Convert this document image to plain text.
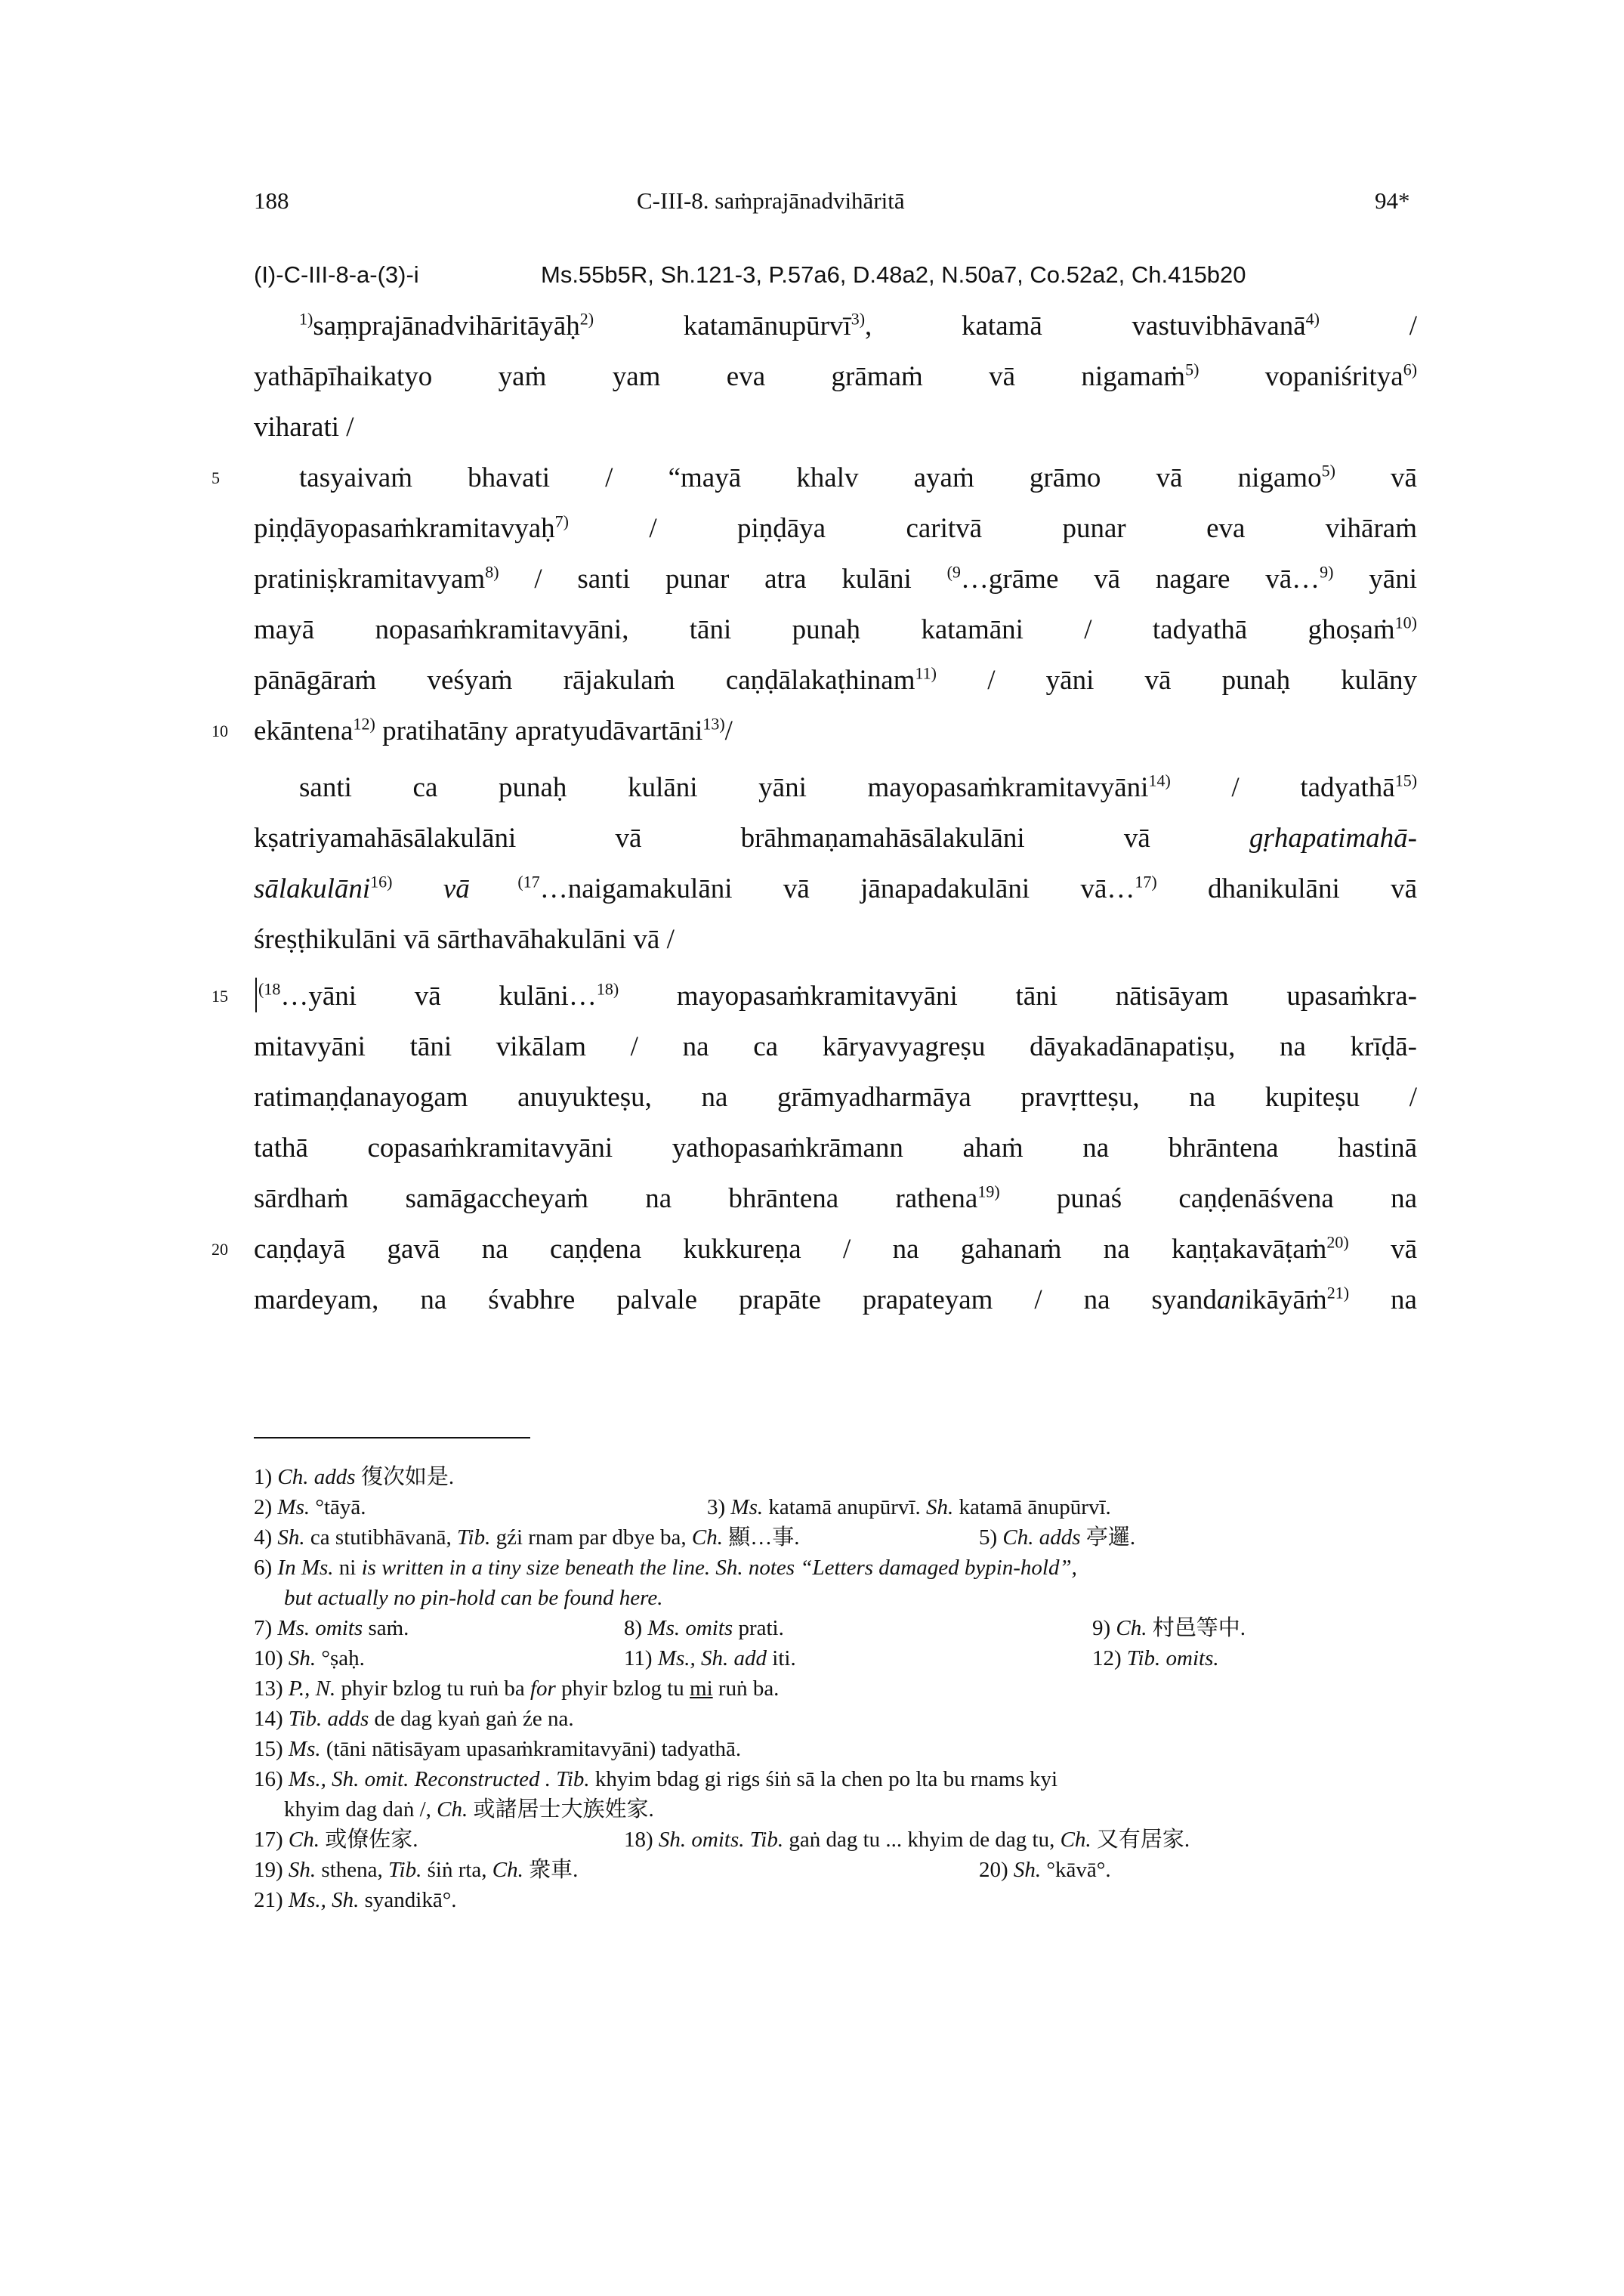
188	C-III-8. saṁprajānadvihāritā	94*
(I)-C-III-8-a-(3)-i	Ms.55b5R, Sh.121-3, P.57a6, D.48a2, N.50a7, Co.52a2, Ch.415b20
$^{1)}$saṃprajānadvihāritāyāḥ$^{2)}$ katamānupūrvī$^{3)}$, katamā vastuvibhāvanā$^{4)}$ /
yathāpīhaikatyo yaṁ yam eva grāmaṁ vā nigamaṁ$^{5)}$ vopaniśritya$^{6)}$
viharati /
5	tasyaivaṁ bhavati / “mayā khalv ayaṁ grāmo vā nigamo$^{5)}$ vā
piṇḍāyopasaṁkramitavyaḥ$^{7)}$ / piṇḍāya caritvā punar eva vihāraṁ
pratiniṣkramitavyam$^{8)}$ / santi punar atra kulāni $^{(9}$…grāme vā nagare vā…$^{9)}$ yāni
mayā nopasaṁkramitavyāni, tāni punaḥ katamāni / tadyathā ghoṣaṁ$^{10)}$
pānāgāraṁ veśyaṁ rājakulaṁ caṇḍālakaṭhinam$^{11)}$ / yāni vā punaḥ kulāny
10 ekāntena$^{12)}$ pratihatāny apratyudāvartāni$^{13)}$/
santi ca punaḥ kulāni yāni mayopasaṁkramitavyāni$^{14)}$ / tadyathā$^{15)}$
kṣatriyamahāsālakulāni vā brāhmaṇamahāsālakulāni vā gṛhapatimahā-
sālakulāni$^{16)}$ vā $^{(17}$…naigamakulāni vā jānapadakulāni vā…$^{17)}$ dhanikulāni vā
śreṣṭhikulāni vā sārthavāhakulāni vā /
15	$^{(18}$…yāni vā kulāni…$^{18)}$ mayopasaṁkramitavyāni tāni nātisāyam upasaṁkra-
mitavyāni tāni vikālam / na ca kāryavyagreṣu dāyakadānapatiṣu, na krīḍā-
ratimaṇḍanayogam anuyukteṣu, na grāmyadharmāya pravṛtteṣu, na kupiteṣu /
tathā copasaṁkramitavyāni yathopasaṁkrāmann ahaṁ na bhrāntena hastinā
sārdhaṁ samāgaccheyaṁ na bhrāntena rathena$^{19)}$ punaś caṇḍenāśvena na
20 caṇḍayā gavā na caṇḍena kukkureṇa / na gahanaṁ na kaṇṭakavāṭaṁ$^{20)}$ vā
mardeyam, na śvabhre palvale prapāte prapateyam / na syandanikāyāṁ$^{21)}$ na
1) Ch. adds 復次如是.
2) Ms. °tāyā.	3) Ms. katamā anupūrvī. Sh. katamā ānupūrvī.
4) Sh. ca stutibhāvanā, Tib. gźi rnam par dbye ba, Ch. 顯…事.	5) Ch. adds 亭邏.
6) In Ms. ni is written in a tiny size beneath the line. Sh. notes “Letters damaged bypin-hold”,
but actually no pin-hold can be found here.
7) Ms. omits saṁ.	8) Ms. omits prati.	9) Ch. 村邑等中.
10) Sh. °ṣaḥ.	11) Ms., Sh. add iti.	12) Tib. omits.
13) P., N. phyir bzlog tu ruṅ ba for phyir bzlog tu mi ruṅ ba.
14) Tib. adds de dag kyaṅ gaṅ źe na.
15) Ms. (tāni nātisāyam upasaṁkramitavyāni) tadyathā.
16) Ms., Sh. omit. Reconstructed . Tib. khyim bdag gi rigs śiṅ sā la chen po lta bu rnams kyi
khyim dag daṅ /, Ch. 或諸居士大族姓家.
17) Ch. 或僚佐家.	18) Sh. omits. Tib. gaṅ dag tu ... khyim de dag tu, Ch. 又有居家.
19) Sh. sthena, Tib. śiṅ rta, Ch. 衆車.	20) Sh. °kāvā°.
21) Ms., Sh. syandikā°.
